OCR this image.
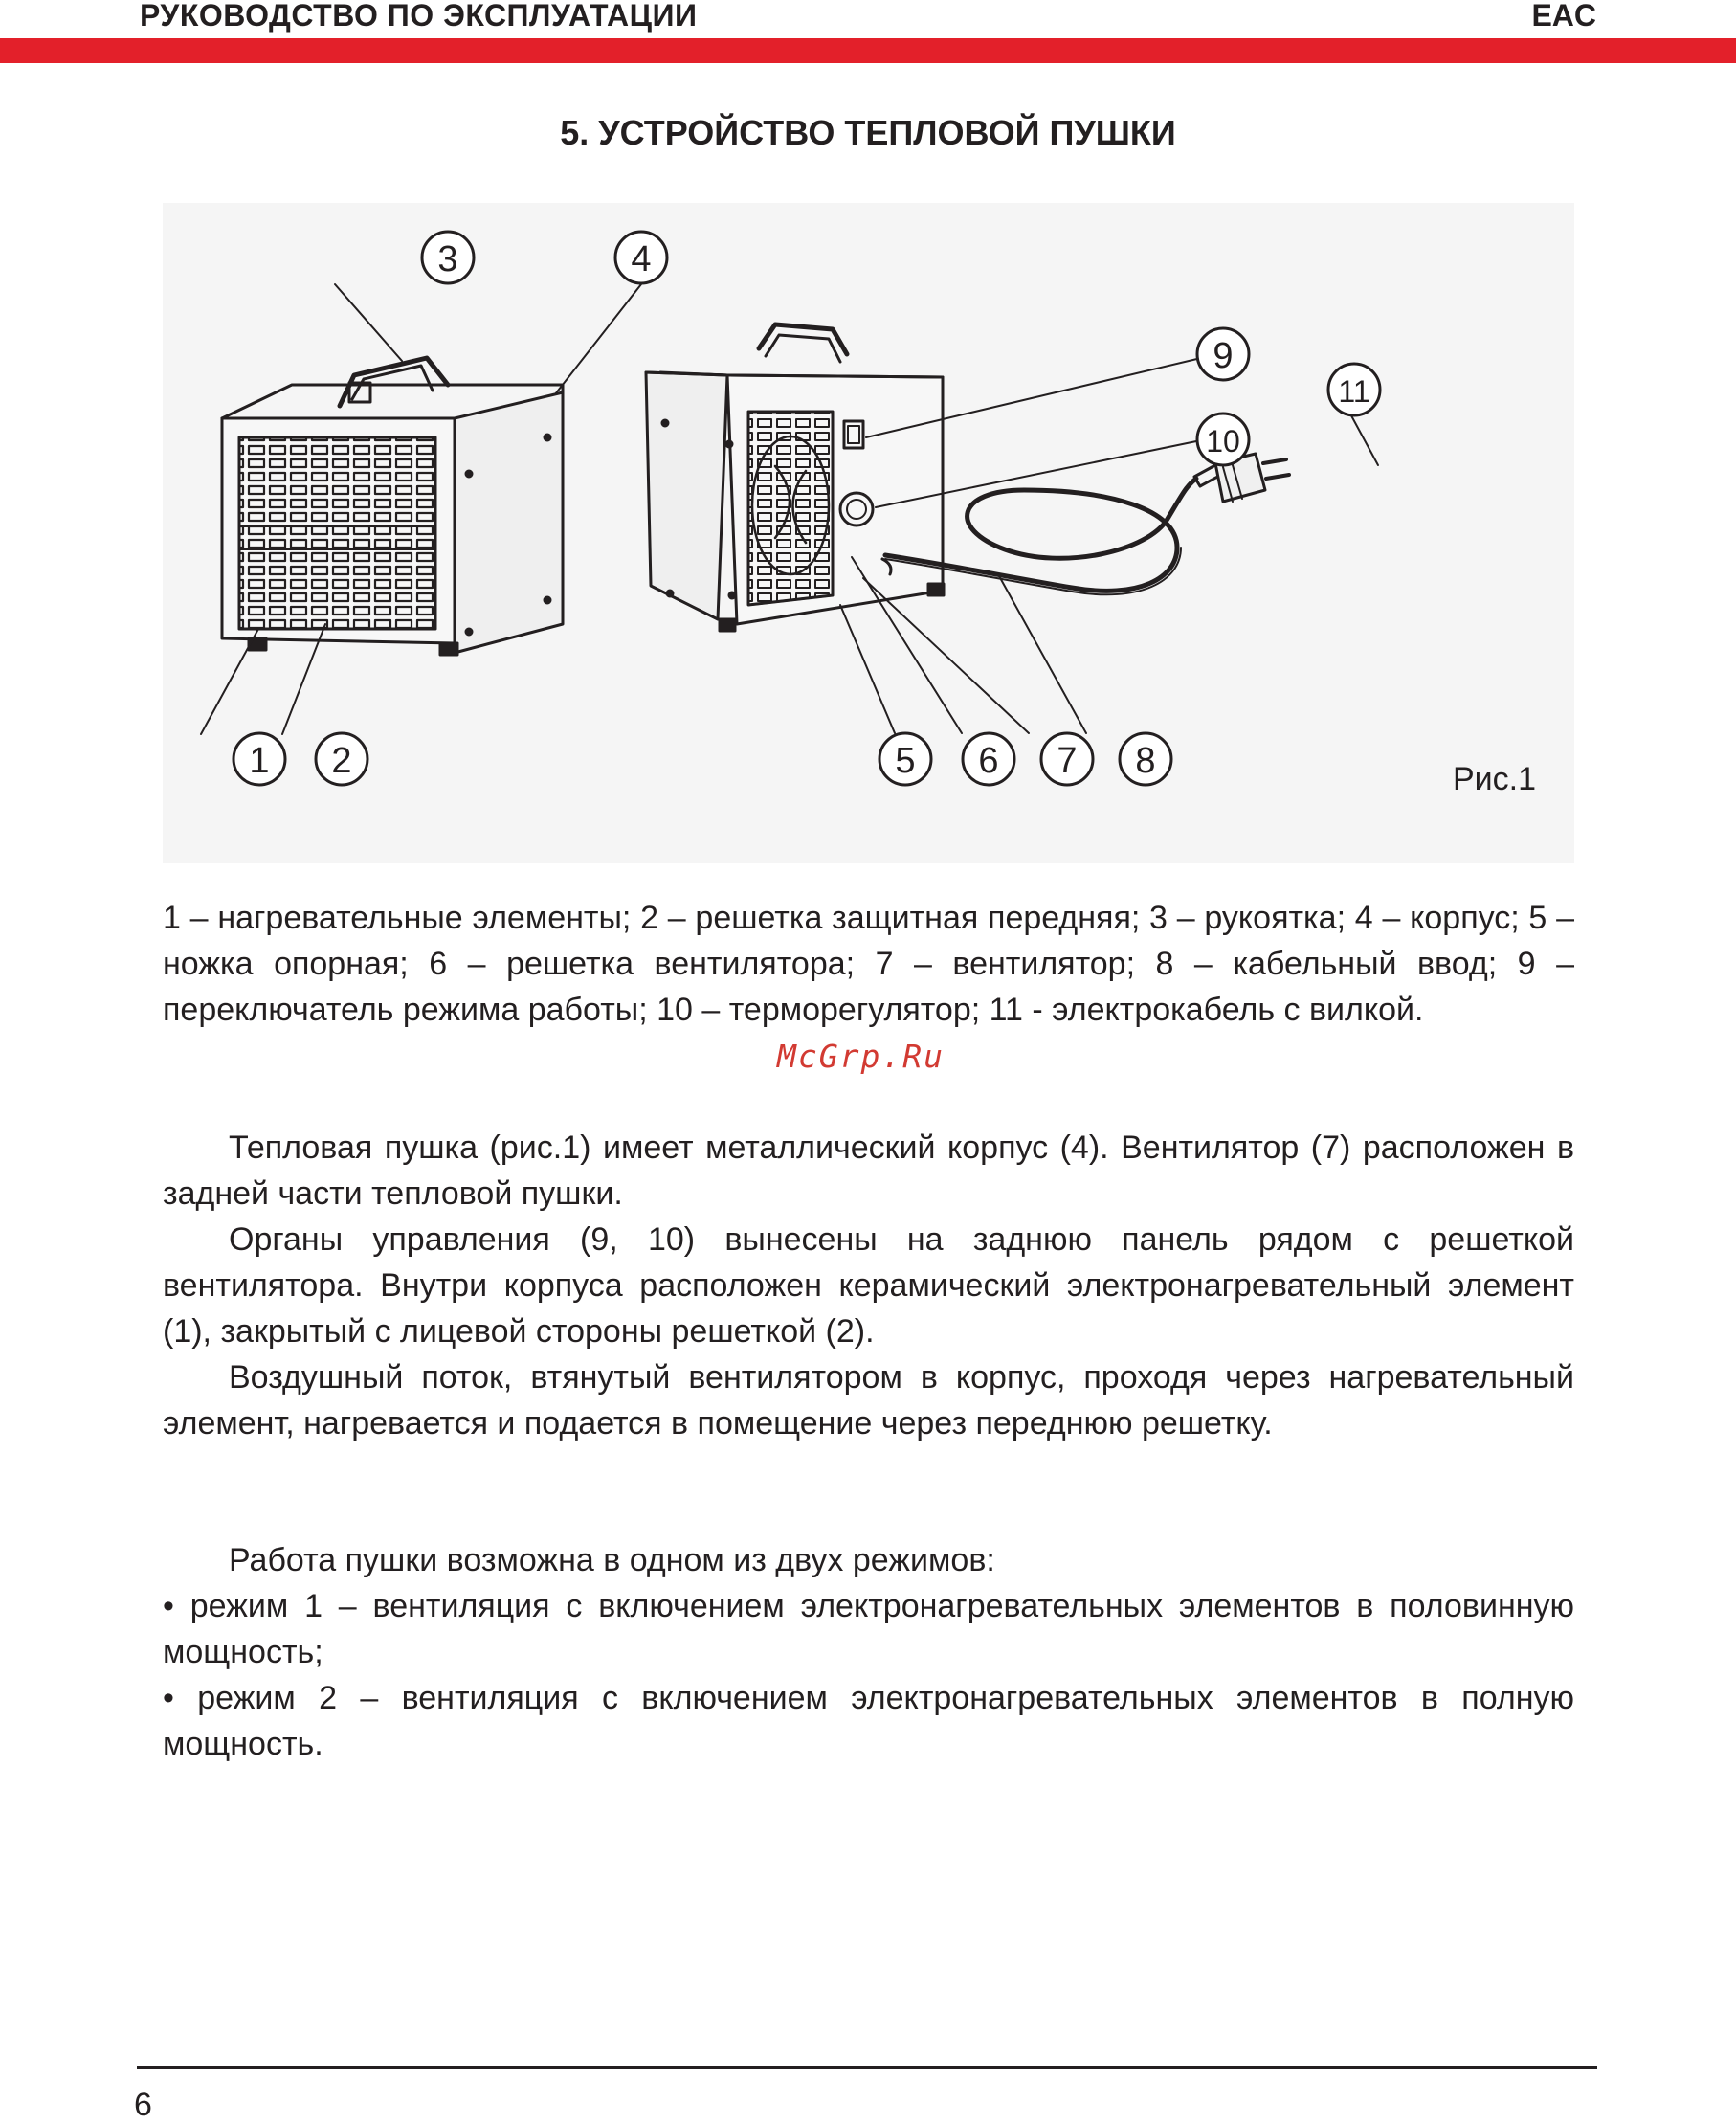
РУКОВОДСТВО ПО ЭКСПЛУАТАЦИИ	EAC
5. УСТРОЙСТВО ТЕПЛОВОЙ ПУШКИ
1 2
3	4
5 6 7 8
9
10
11
Рис.1

1 – нагревательные элементы; 2 – решетка защитная передняя; 3 – рукоятка; 4 – корпус; 5 – ножка опорная; 6 – решетка вентилятора; 7 – вентилятор; 8 – кабельный ввод; 9 – переключатель режима работы; 10 – терморегулятор; 11 - электрокабель с вилкой.

McGrp.Ru

Тепловая пушка (рис.1) имеет металлический корпус (4). Вентилятор (7) расположен в задней части тепловой пушки.

Органы управления (9, 10) вынесены на заднюю панель рядом с решеткой вентилятора. Внутри корпуса расположен керамический электронагревательный элемент (1), закрытый с лицевой стороны решеткой (2).

Воздушный поток, втянутый вентилятором в корпус, проходя через нагревательный элемент, нагревается и подается в помещение через переднюю решетку.

Работа пушки возможна в одном из двух режимов:

• режим 1 – вентиляция с включением электронагревательных элементов в половинную мощность;

• режим 2 – вентиляция с включением электронагревательных элементов в полную мощность.

6
